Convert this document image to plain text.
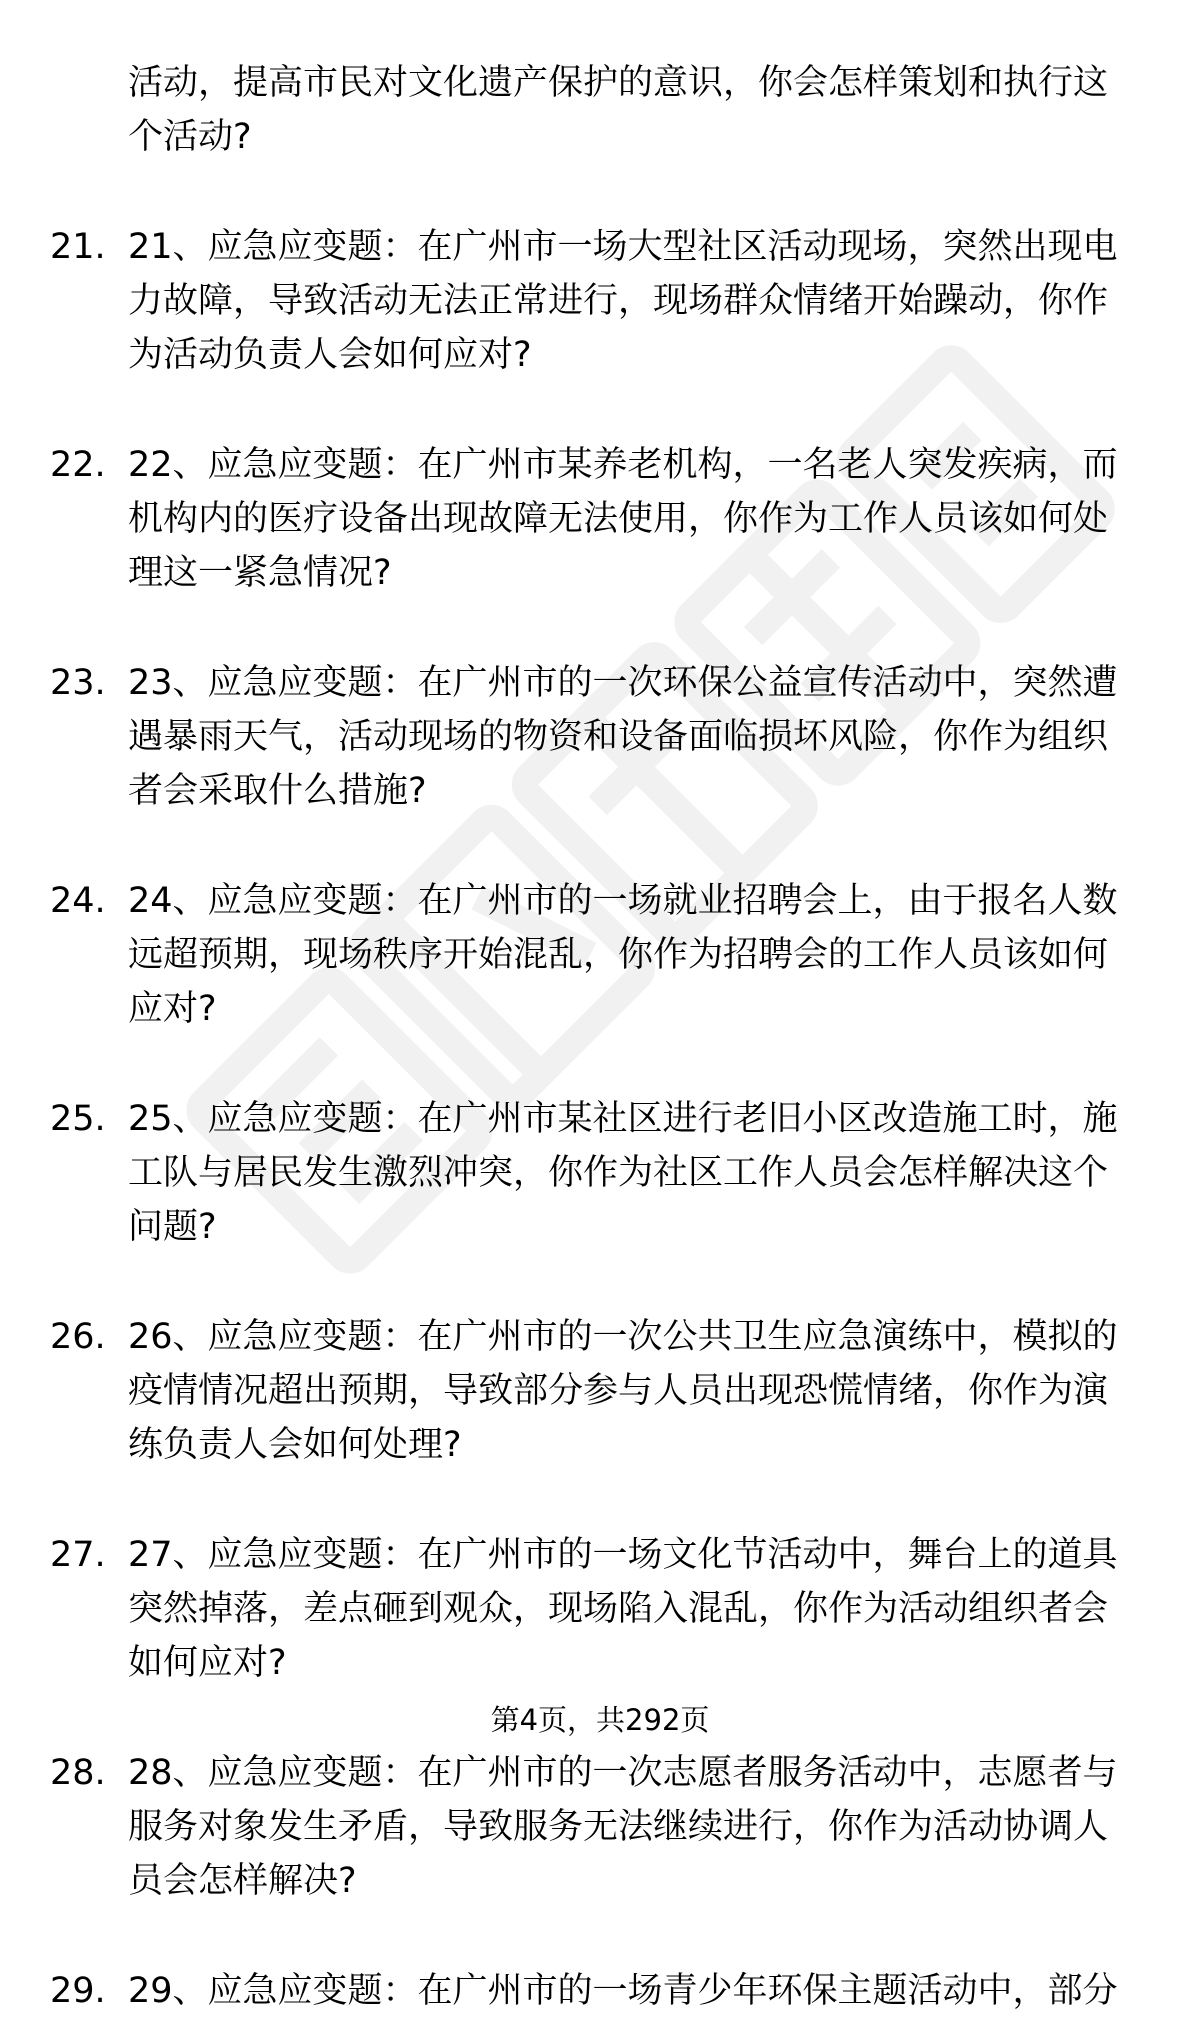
活动，提高市民对文化遗产保护的意识，你会怎样策划和执行这
个活动?
21. 21、应急应变题：在广州市一场大型社区活动现场，突然出现电
力故障，导致活动无法正常进行，现场群众情绪开始躁动，你作
为活动负责人会如何应对?
22. 22、应急应变题：在广州市某养老机构，一名老人突发疾病，而
机构内的医疗设备出现故障无法使用，你作为工作人员该如何处
理这一紧急情况?
23. 23、应急应变题：在广州市的一次环保公益宣传活动中，突然遭
遇暴雨天气，活动现场的物资和设备面临损坏风险，你作为组织
者会采取什么措施?
24. 24、应急应变题：在广州市的一场就业招聘会上，由于报名人数
远超预期，现场秩序开始混乱，你作为招聘会的工作人员该如何
应对?
25. 25、应急应变题：在广州市某社区进行老旧小区改造施工时，施
工队与居民发生激烈冲突，你作为社区工作人员会怎样解决这个
问题?
26. 26、应急应变题：在广州市的一次公共卫生应急演练中，模拟的
疫情情况超出预期，导致部分参与人员出现恐慌情绪，你作为演
练负责人会如何处理?
27. 27、应急应变题：在广州市的一场文化节活动中，舞台上的道具
突然掉落，差点砸到观众，现场陷入混乱，你作为活动组织者会
如何应对?
28. 28、应急应变题：在广州市的一次志愿者服务活动中，志愿者与
服务对象发生矛盾，导致服务无法继续进行，你作为活动协调人
员会怎样解决?
29. 29、应急应变题：在广州市的一场青少年环保主题活动中，部分
第4页，共292页
